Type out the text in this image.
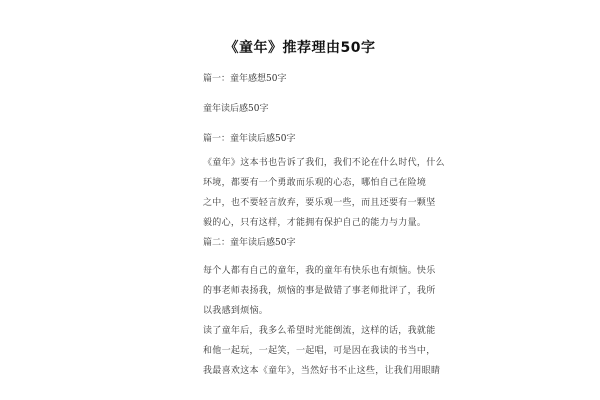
《童年》推荐理由50字

篇一：童年感想50字

童年读后感50字

篇一：童年读后感50字

《童年》这本书也告诉了我们，我们不论在什么时代，什么
环境，都要有一个勇敢而乐观的心态，哪怕自己在险境
之中，也不要轻言放弃，要乐观一些，而且还要有一颗坚
毅的心，只有这样，才能拥有保护自己的能力与力量。

篇二：童年读后感50字

每个人都有自己的童年，我的童年有快乐也有烦恼。快乐
的事老师表扬我，烦恼的事是做错了事老师批评了，我所
以我感到烦恼。
读了童年后，我多么希望时光能倒流，这样的话，我就能
和他一起玩，一起笑，一起唱，可是因在我读的书当中，
我最喜欢这本《童年》，当然好书不止这些，让我们用眼睛
